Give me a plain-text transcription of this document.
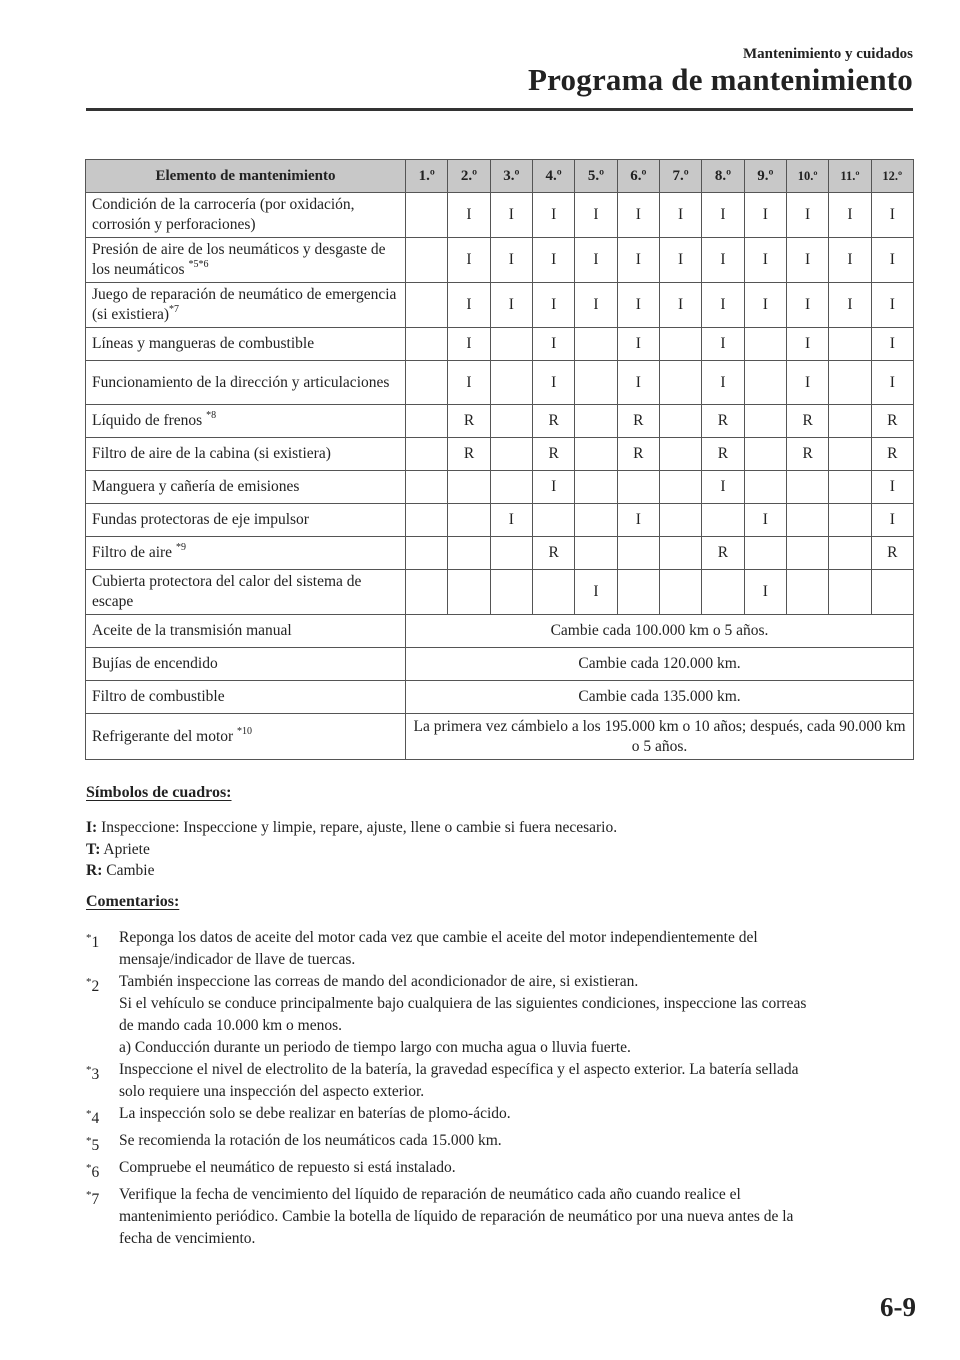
Mantenimiento y cuidados
Programa de mantenimiento
Elemento de mantenimiento	1.º	2.º	3.º	4.º	5.º	6.º	7.º	8.º	9.º	10.º	11.º	12.º
Condición de la carrocería (por oxidación, corrosión y perforaciones)		I	I	I	I	I	I	I	I	I	I	I
Presión de aire de los neumáticos y desgaste de los neumáticos $^{*5*6}$		I	I	I	I	I	I	I	I	I	I	I
Juego de reparación de neumático de emergencia (si existiera)$^{*7}$		I	I	I	I	I	I	I	I	I	I	I
Líneas y mangueras de combustible		I		I		I		I		I		I
Funcionamiento de la dirección y articulaciones		I		I		I		I		I		I
Líquido de frenos $^{*8}$		R		R		R		R		R		R
Filtro de aire de la cabina (si existiera)		R		R		R		R		R		R
Manguera y cañería de emisiones				I				I				I
Fundas protectoras de eje impulsor			I			I			I			I
Filtro de aire $^{*9}$				R				R				R
Cubierta protectora del calor del sistema de escape					I				I			
Aceite de la transmisión manual	Cambie cada 100.000 km o 5 años.											
Bujías de encendido	Cambie cada 120.000 km.											
Filtro de combustible	Cambie cada 135.000 km.											
Refrigerante del motor $^{*10}$	La primera vez cámbielo a los 195.000 km o 10 años; después, cada 90.000 km o 5 años.											
Símbolos de cuadros:
I: Inspeccione: Inspeccione y limpie, repare, ajuste, llene o cambie si fuera necesario.
T: Apriete
R: Cambie
Comentarios:
*1	Reponga los datos de aceite del motor cada vez que cambie el aceite del motor independientemente del
mensaje/indicador de llave de tuercas.
*2	También inspeccione las correas de mando del acondicionador de aire, si existieran.
Si el vehículo se conduce principalmente bajo cualquiera de las siguientes condiciones, inspeccione las correas
de mando cada 10.000 km o menos.
a) Conducción durante un periodo de tiempo largo con mucha agua o lluvia fuerte.
*3	Inspeccione el nivel de electrolito de la batería, la gravedad específica y el aspecto exterior. La batería sellada
solo requiere una inspección del aspecto exterior.
*4	La inspección solo se debe realizar en baterías de plomo-ácido.
*5	Se recomienda la rotación de los neumáticos cada 15.000 km.
*6	Compruebe el neumático de repuesto si está instalado.
*7	Verifique la fecha de vencimiento del líquido de reparación de neumático cada año cuando realice el
mantenimiento periódico. Cambie la botella de líquido de reparación de neumático por una nueva antes de la
fecha de vencimiento.
6-9
